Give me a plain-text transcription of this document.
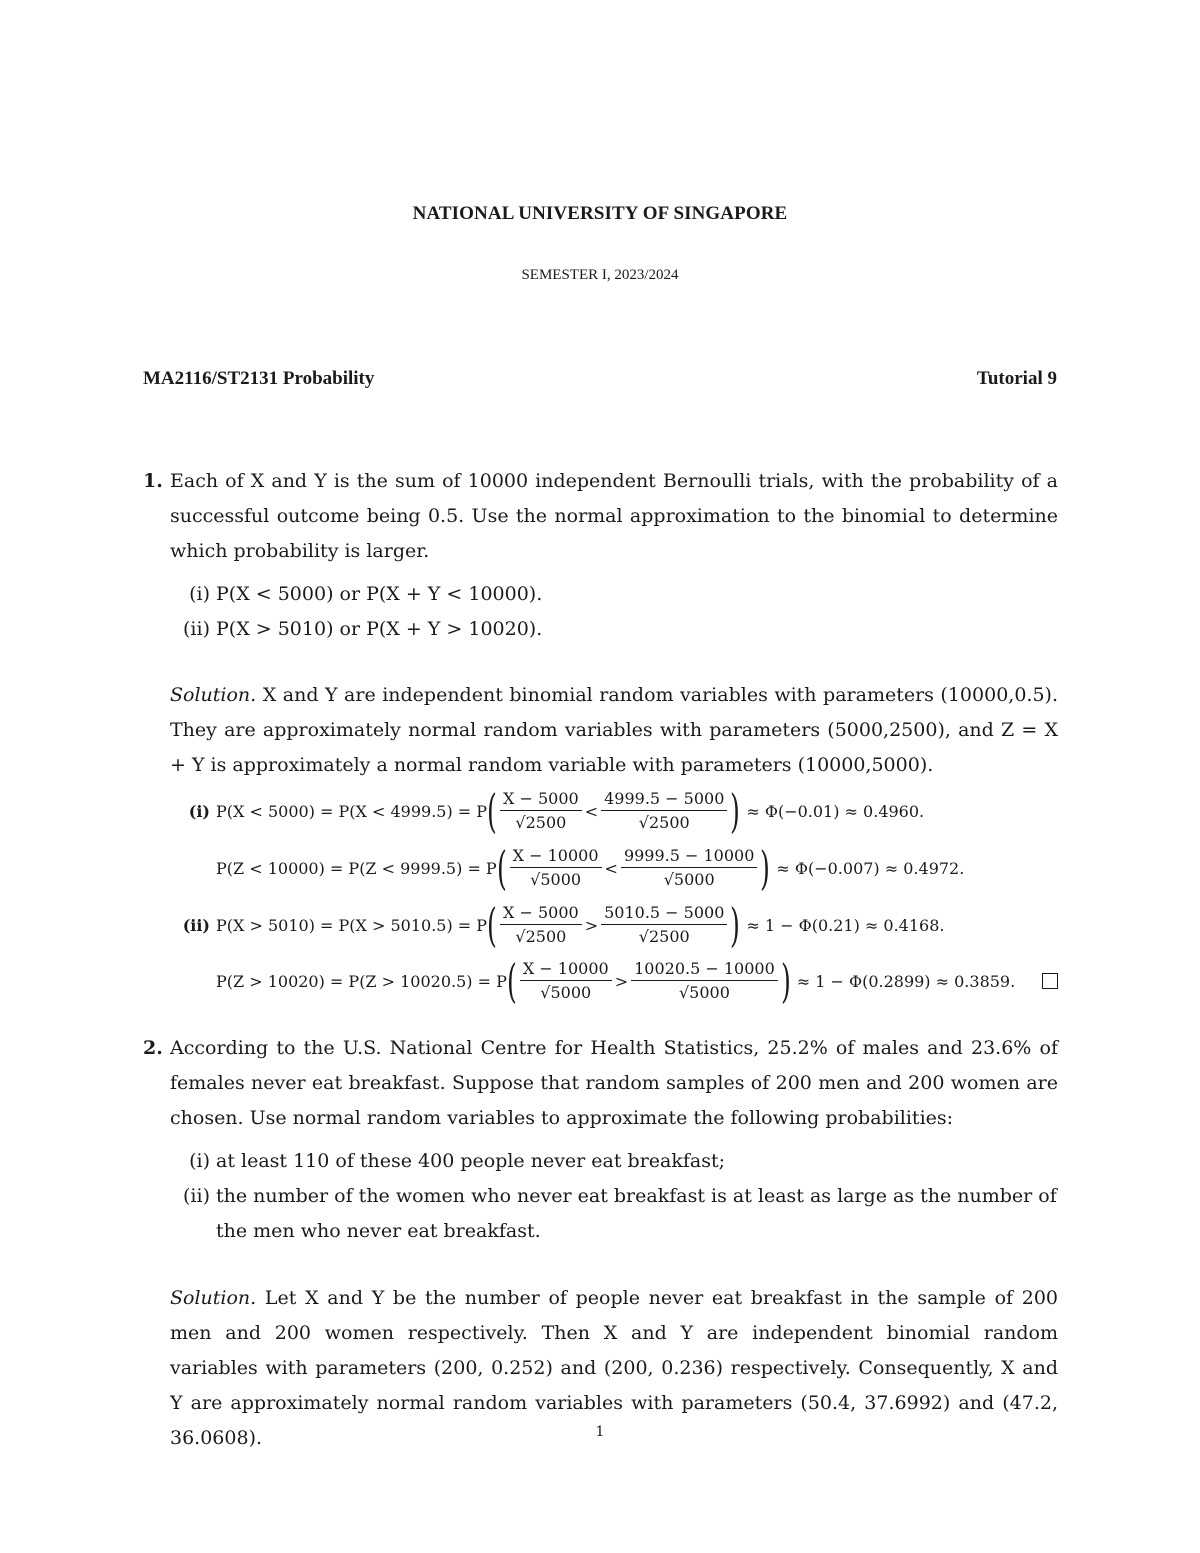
NATIONAL UNIVERSITY OF SINGAPORE
SEMESTER I, 2023/2024
MA2116/ST2131 Probability	Tutorial 9
1. Each of X and Y is the sum of 10000 independent Bernoulli trials, with the probability of a successful outcome being 0.5. Use the normal approximation to the binomial to determine which probability is larger.

(i) P(X < 5000) or P(X + Y < 10000).
(ii) P(X > 5010) or P(X + Y > 10020).

Solution. X and Y are independent binomial random variables with parameters (10000,0.5). They are approximately normal random variables with parameters (5000,2500), and Z = X + Y is approximately a normal random variable with parameters (10000,5000).

(i) P(X < 5000) = P(X < 4999.5) = P ( $\frac{X - 5000}{√2500} < \frac{4999.5 - 5000}{√2500}$ ) ≈ Φ(−0.01) ≈ 0.4960.
P(Z < 10000) = P(Z < 9999.5) = P ( $\frac{X - 10000}{√5000} < \frac{9999.5 - 10000}{√5000}$ ) ≈ Φ(−0.007) ≈ 0.4972.
(ii) P(X > 5010) = P(X > 5010.5) = P ( $\frac{X - 5000}{√2500} > \frac{5010.5 - 5000}{√2500}$ ) ≈ 1 − Φ(0.21) ≈ 0.4168.
P(Z > 10020) = P(Z > 10020.5) = P ( $\frac{X - 10000}{√5000} > \frac{10020.5 - 10000}{√5000}$ ) ≈ 1 − Φ(0.2899) ≈ 0.3859.
2. According to the U.S. National Centre for Health Statistics, 25.2% of males and 23.6% of females never eat breakfast. Suppose that random samples of 200 men and 200 women are chosen. Use normal random variables to approximate the following probabilities:

(i) at least 110 of these 400 people never eat breakfast;
(ii) the number of the women who never eat breakfast is at least as large as the number of
the men who never eat breakfast.

Solution. Let X and Y be the number of people never eat breakfast in the sample of 200 men and 200 women respectively. Then X and Y are independent binomial random variables with parameters (200, 0.252) and (200, 0.236) respectively. Consequently, X and Y are approximately normal random variables with parameters (50.4, 37.6992) and (47.2, 36.0608).	1
